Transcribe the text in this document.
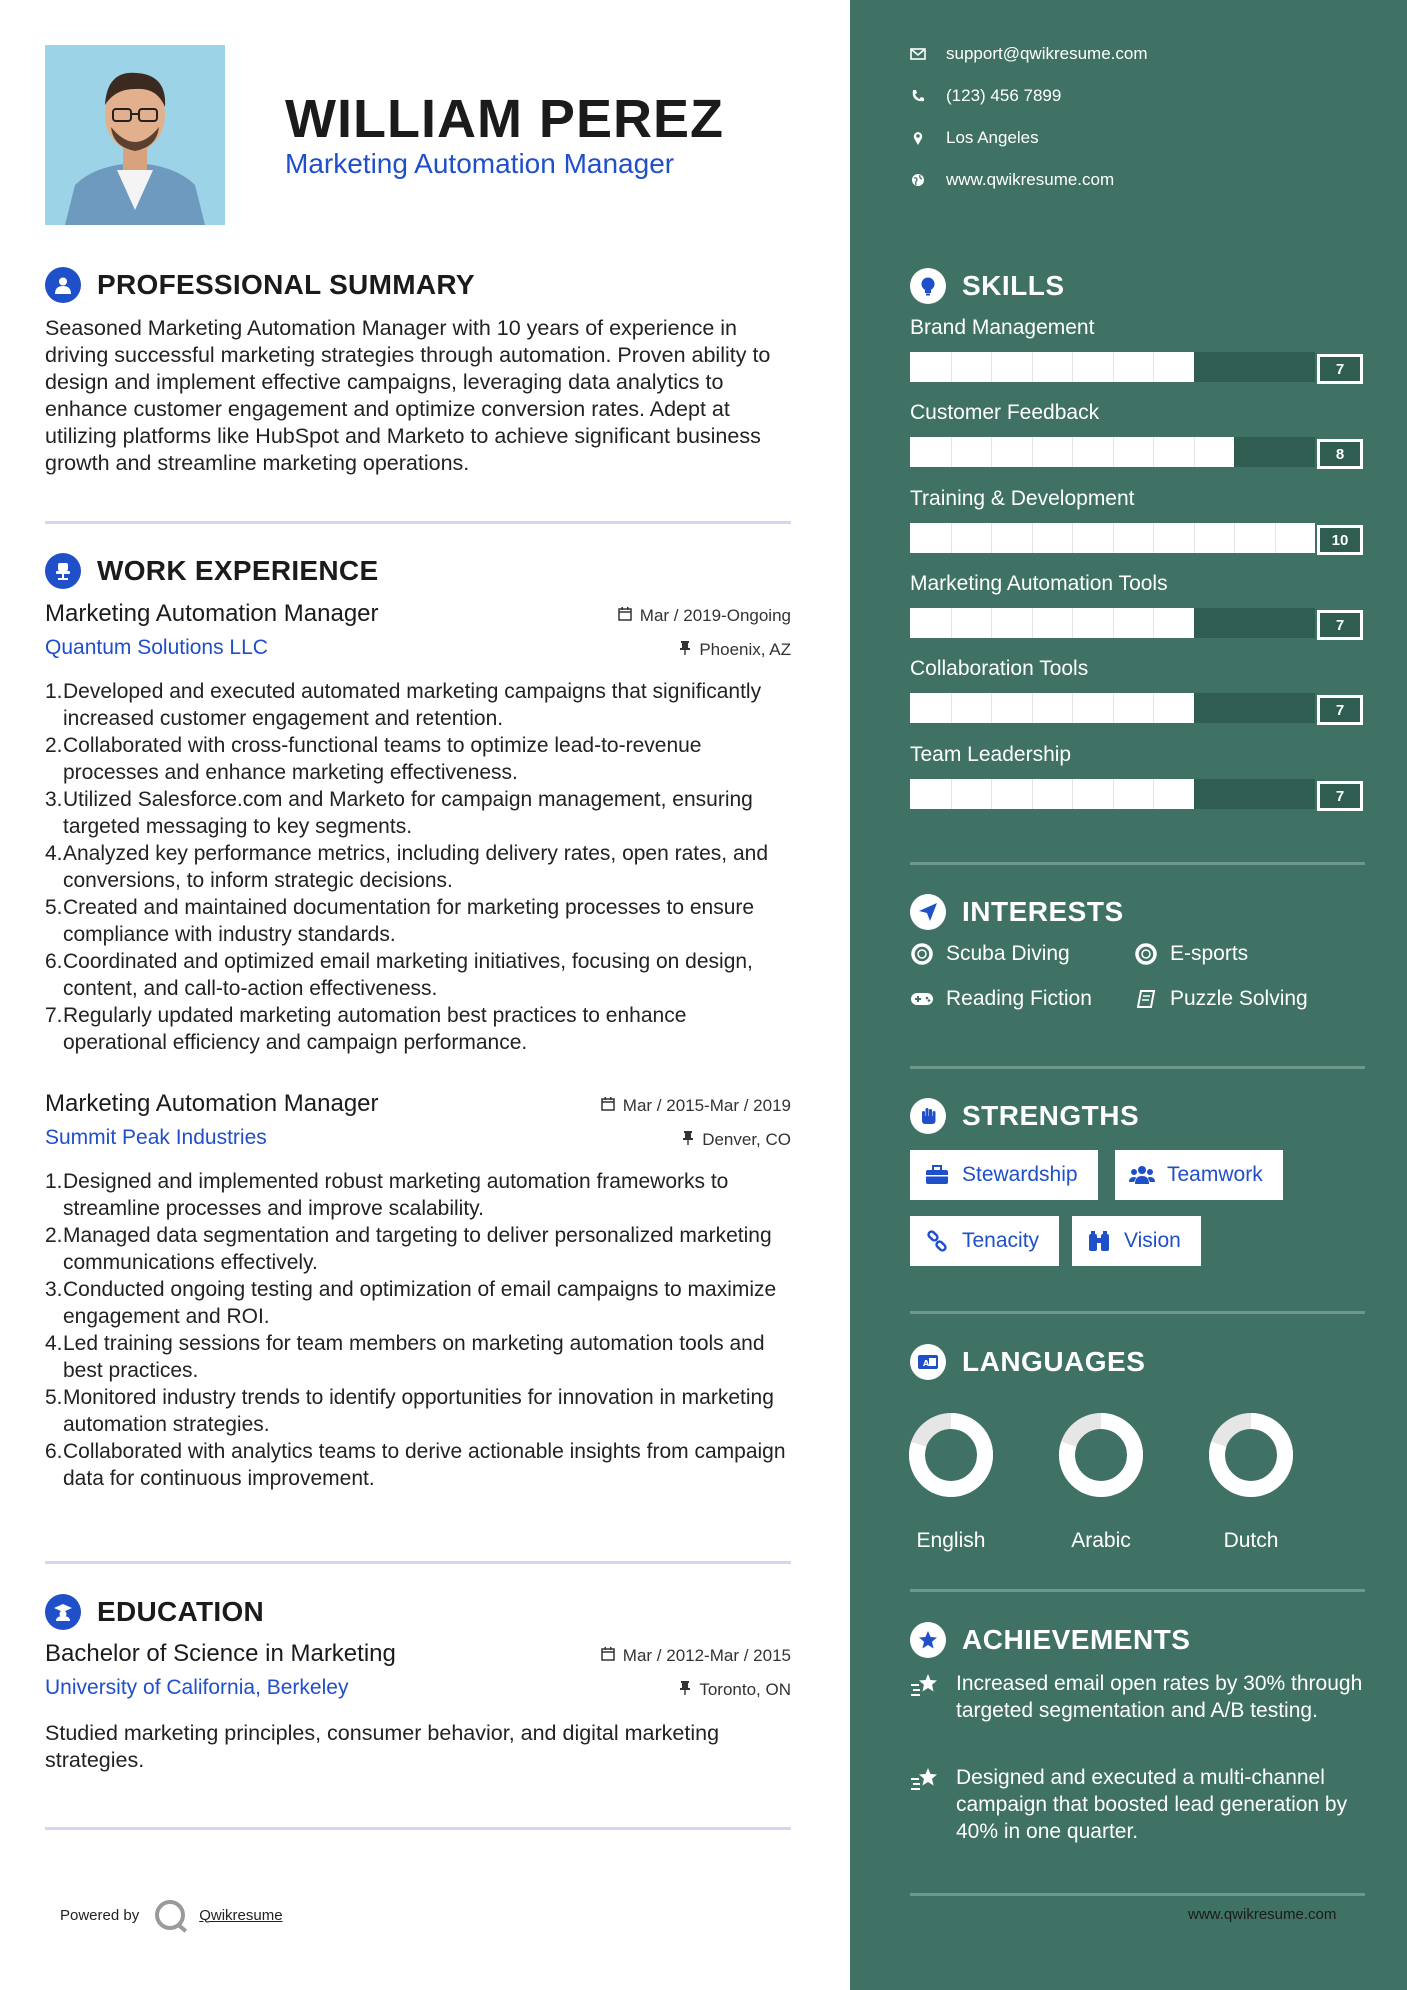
WILLIAM PEREZ
Marketing Automation Manager
PROFESSIONAL SUMMARY
Seasoned Marketing Automation Manager with 10 years of experience in driving successful marketing strategies through automation. Proven ability to design and implement effective campaigns, leveraging data analytics to enhance customer engagement and optimize conversion rates. Adept at utilizing platforms like HubSpot and Marketo to achieve significant business growth and streamline marketing operations.
WORK EXPERIENCE
Marketing Automation Manager	Mar / 2019-Ongoing
Quantum Solutions LLC	Phoenix, AZ
1. Developed and executed automated marketing campaigns that significantly increased customer engagement and retention.
2. Collaborated with cross-functional teams to optimize lead-to-revenue processes and enhance marketing effectiveness.
3. Utilized Salesforce.com and Marketo for campaign management, ensuring targeted messaging to key segments.
4. Analyzed key performance metrics, including delivery rates, open rates, and conversions, to inform strategic decisions.
5. Created and maintained documentation for marketing processes to ensure compliance with industry standards.
6. Coordinated and optimized email marketing initiatives, focusing on design, content, and call-to-action effectiveness.
7. Regularly updated marketing automation best practices to enhance operational efficiency and campaign performance.
Marketing Automation Manager	Mar / 2015-Mar / 2019
Summit Peak Industries	Denver, CO
1. Designed and implemented robust marketing automation frameworks to streamline processes and improve scalability.
2. Managed data segmentation and targeting to deliver personalized marketing communications effectively.
3. Conducted ongoing testing and optimization of email campaigns to maximize engagement and ROI.
4. Led training sessions for team members on marketing automation tools and best practices.
5. Monitored industry trends to identify opportunities for innovation in marketing automation strategies.
6. Collaborated with analytics teams to derive actionable insights from campaign data for continuous improvement.
EDUCATION
Bachelor of Science in Marketing	Mar / 2012-Mar / 2015
University of California, Berkeley	Toronto, ON
Studied marketing principles, consumer behavior, and digital marketing strategies.
Powered by	Qwikresume
support@qwikresume.com
(123) 456 7899
Los Angeles
www.qwikresume.com
SKILLS
Brand Management
7
Customer Feedback
8
Training & Development
10
Marketing Automation Tools
7
Collaboration Tools
7
Team Leadership
7
INTERESTS
Scuba Diving	E-sports
Reading Fiction	Puzzle Solving
STRENGTHS
Stewardship	Teamwork
Tenacity	Vision
A LANGUAGES
English	Arabic	Dutch
ACHIEVEMENTS
Increased email open rates by 30% through targeted segmentation and A/B testing.
Designed and executed a multi-channel campaign that boosted lead generation by 40% in one quarter.
www.qwikresume.com
